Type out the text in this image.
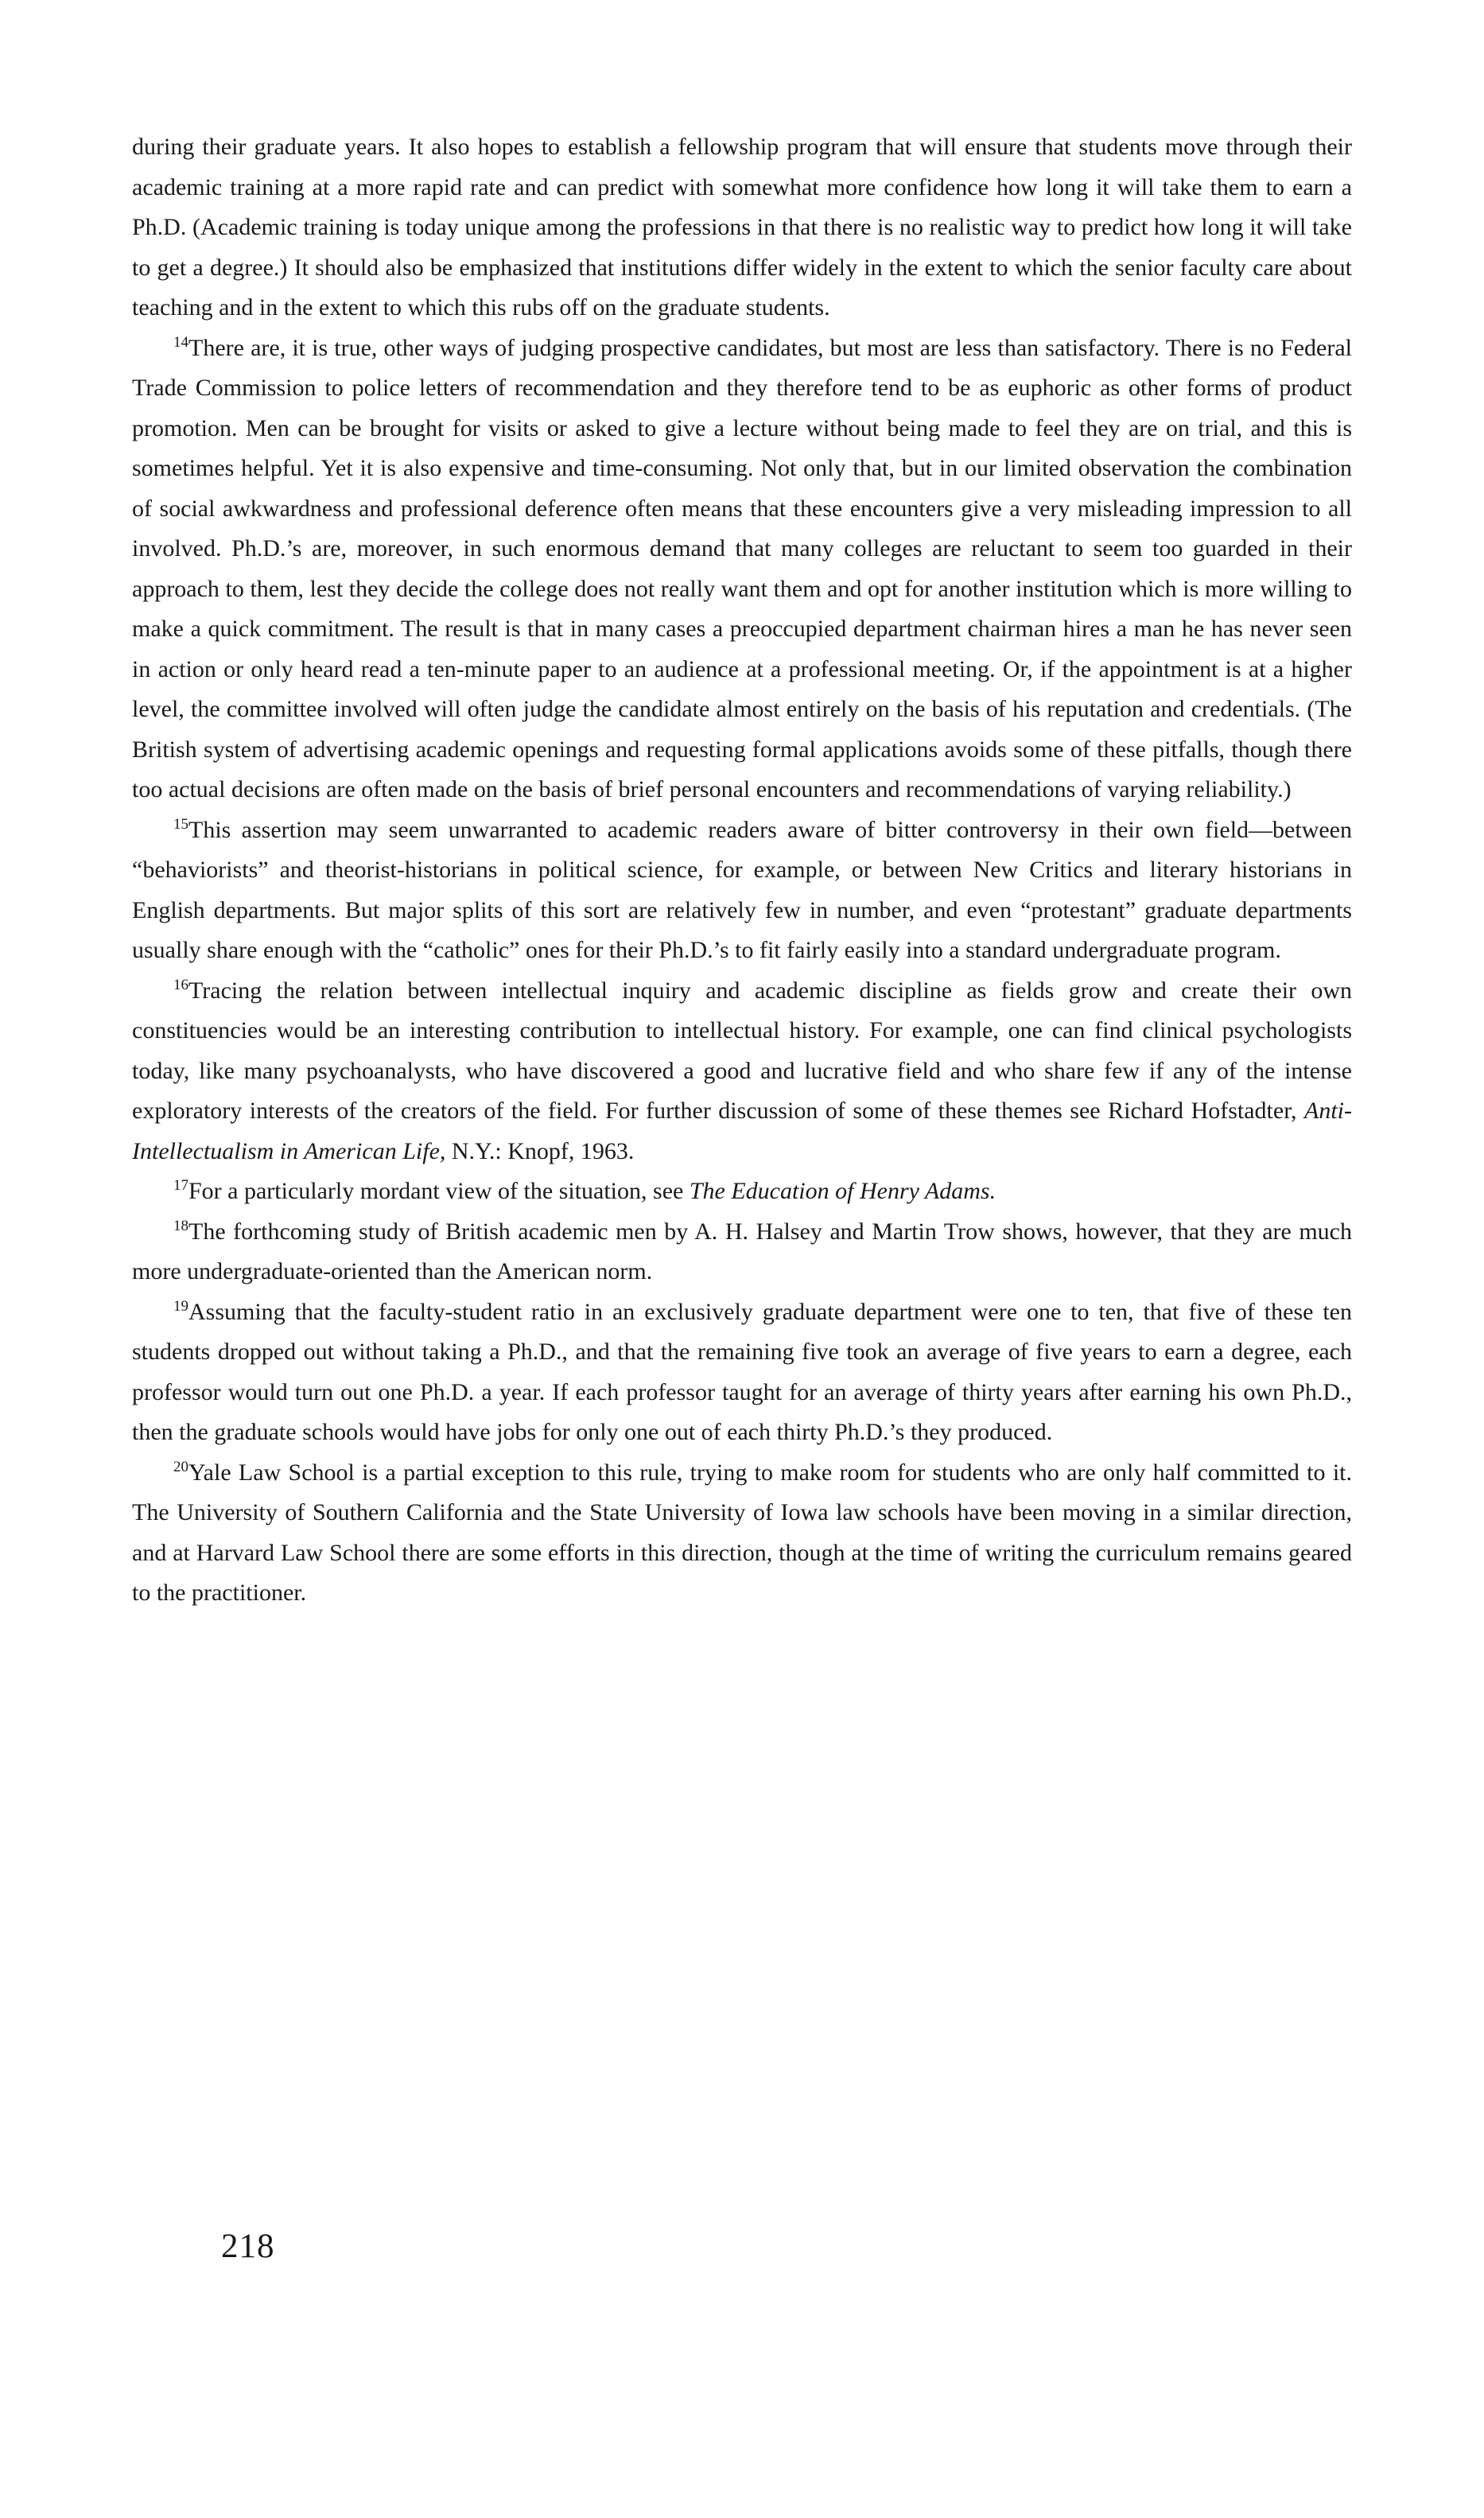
during their graduate years. It also hopes to establish a fellowship program that will ensure that students move through their academic training at a more rapid rate and can predict with somewhat more confidence how long it will take them to earn a Ph.D. (Academic training is today unique among the professions in that there is no realistic way to predict how long it will take to get a degree.) It should also be emphasized that institutions differ widely in the extent to which the senior faculty care about teaching and in the extent to which this rubs off on the graduate students.

$^{14}$There are, it is true, other ways of judging prospective candidates, but most are less than satisfactory. There is no Federal Trade Commission to police letters of recommendation and they therefore tend to be as euphoric as other forms of product promotion. Men can be brought for visits or asked to give a lecture without being made to feel they are on trial, and this is sometimes helpful. Yet it is also expensive and time-consuming. Not only that, but in our limited observation the combination of social awkwardness and professional deference often means that these encounters give a very misleading impression to all involved. Ph.D.’s are, moreover, in such enormous demand that many colleges are reluctant to seem too guarded in their approach to them, lest they decide the college does not really want them and opt for another institution which is more willing to make a quick commitment. The result is that in many cases a preoccupied department chairman hires a man he has never seen in action or only heard read a ten-minute paper to an audience at a professional meeting. Or, if the appointment is at a higher level, the committee involved will often judge the candidate almost entirely on the basis of his reputation and credentials. (The British system of advertising academic openings and requesting formal applications avoids some of these pitfalls, though there too actual decisions are often made on the basis of brief personal encounters and recommendations of varying reliability.)

$^{15}$This assertion may seem unwarranted to academic readers aware of bitter controversy in their own field—between “behaviorists” and theorist-historians in political science, for example, or between New Critics and literary historians in English departments. But major splits of this sort are relatively few in number, and even “protestant” graduate departments usually share enough with the “catholic” ones for their Ph.D.’s to fit fairly easily into a standard undergraduate program.

$^{16}$Tracing the relation between intellectual inquiry and academic discipline as fields grow and create their own constituencies would be an interesting contribution to intellectual history. For example, one can find clinical psychologists today, like many psychoanalysts, who have discovered a good and lucrative field and who share few if any of the intense exploratory interests of the creators of the field. For further discussion of some of these themes see Richard Hofstadter, Anti-Intellectualism in American Life, N.Y.: Knopf, 1963.

$^{17}$For a particularly mordant view of the situation, see The Education of Henry Adams.

$^{18}$The forthcoming study of British academic men by A. H. Halsey and Martin Trow shows, however, that they are much more undergraduate-oriented than the American norm.

$^{19}$Assuming that the faculty-student ratio in an exclusively graduate department were one to ten, that five of these ten students dropped out without taking a Ph.D., and that the remaining five took an average of five years to earn a degree, each professor would turn out one Ph.D. a year. If each professor taught for an average of thirty years after earning his own Ph.D., then the graduate schools would have jobs for only one out of each thirty Ph.D.’s they produced.

$^{20}$Yale Law School is a partial exception to this rule, trying to make room for students who are only half committed to it. The University of Southern California and the State University of Iowa law schools have been moving in a similar direction, and at Harvard Law School there are some efforts in this direction, though at the time of writing the curriculum remains geared to the practitioner.

218
